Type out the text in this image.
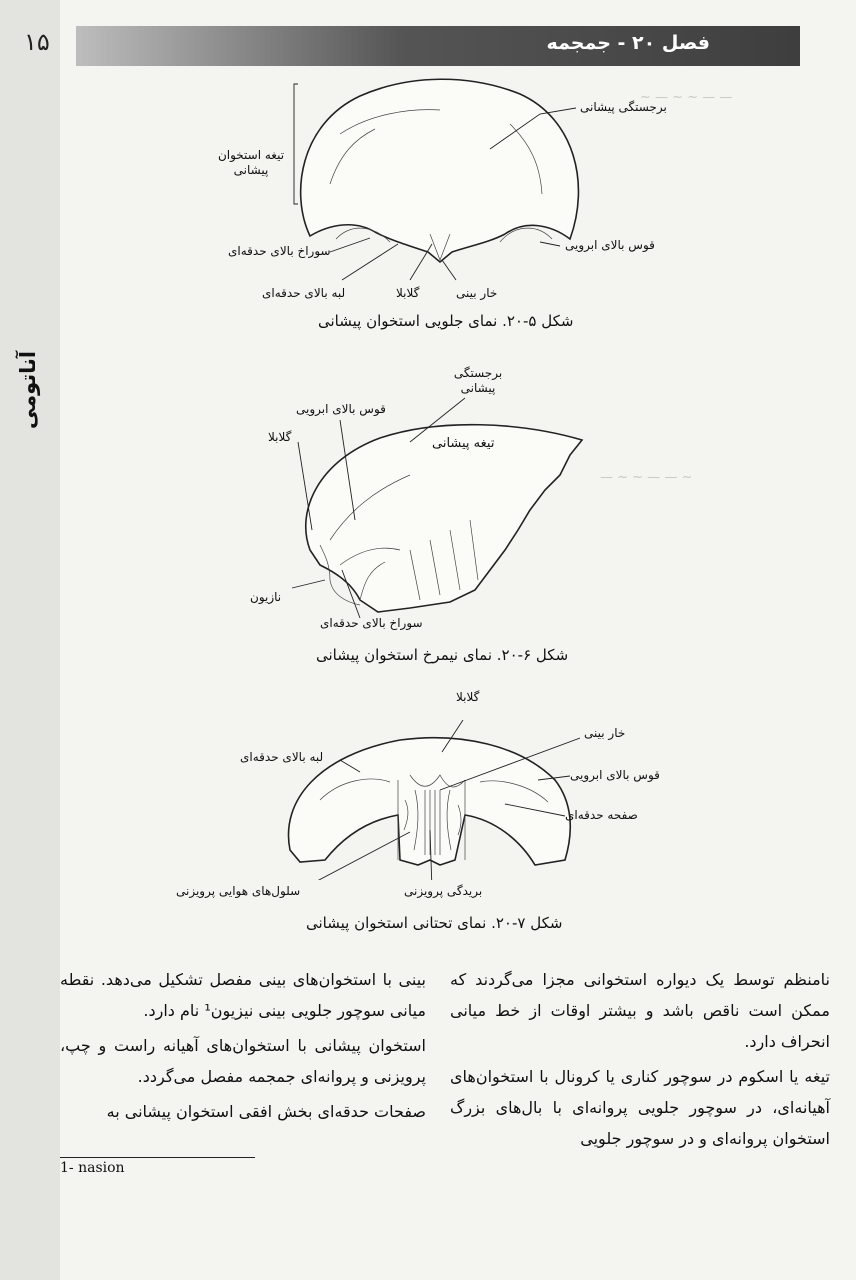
— — ~ ~ — ~
~ — — ~ ~ —
آناتومی
فصل ۲۰ - جمجمه
۱۵
برجستگی پیشانی
تیغه استخوان پیشانی
قوس بالای ابرویی
سوراخ بالای حدقه‌ای
لبه بالای حدقه‌ای	گلابلا	خار بینی
شکل ۵-۲۰. نمای جلویی استخوان پیشانی
برجستگی پیشانی
قوس بالای ابرویی
گلابلا	تیغه پیشانی
نازیون
سوراخ بالای حدقه‌ای
شکل ۶-۲۰. نمای نیمرخ استخوان پیشانی
گلابلا
خار بینی
لبه بالای حدقه‌ای
قوس بالای ابرویی
صفحه حدقه‌ای
سلول‌های هوایی پرویزنی	بریدگی پرویزنی
شکل ۷-۲۰. نمای تحتانی استخوان پیشانی

نامنظم توسط یک دیواره استخوانی مجزا می‌گردند که ممکن است ناقص باشد و بیشتر اوقات از خط میانی انحراف دارد.

تیغه یا اسکوم در سوچور کناری یا کرونال با استخوان‌های آهیانه‌ای، در سوچور جلویی پروانه‌ای با بال‌های بزرگ استخوان پروانه‌ای و در سوچور جلویی

بینی با استخوان‌های بینی مفصل تشکیل می‌دهد. نقطه میانی سوچور جلویی بینی نیزیون¹ نام دارد.

استخوان پیشانی با استخوان‌های آهیانه راست و چپ، پرویزنی و پروانه‌ای جمجمه مفصل می‌گردد.

صفحات حدقه‌ای بخش افقی استخوان پیشانی به

1- nasion
